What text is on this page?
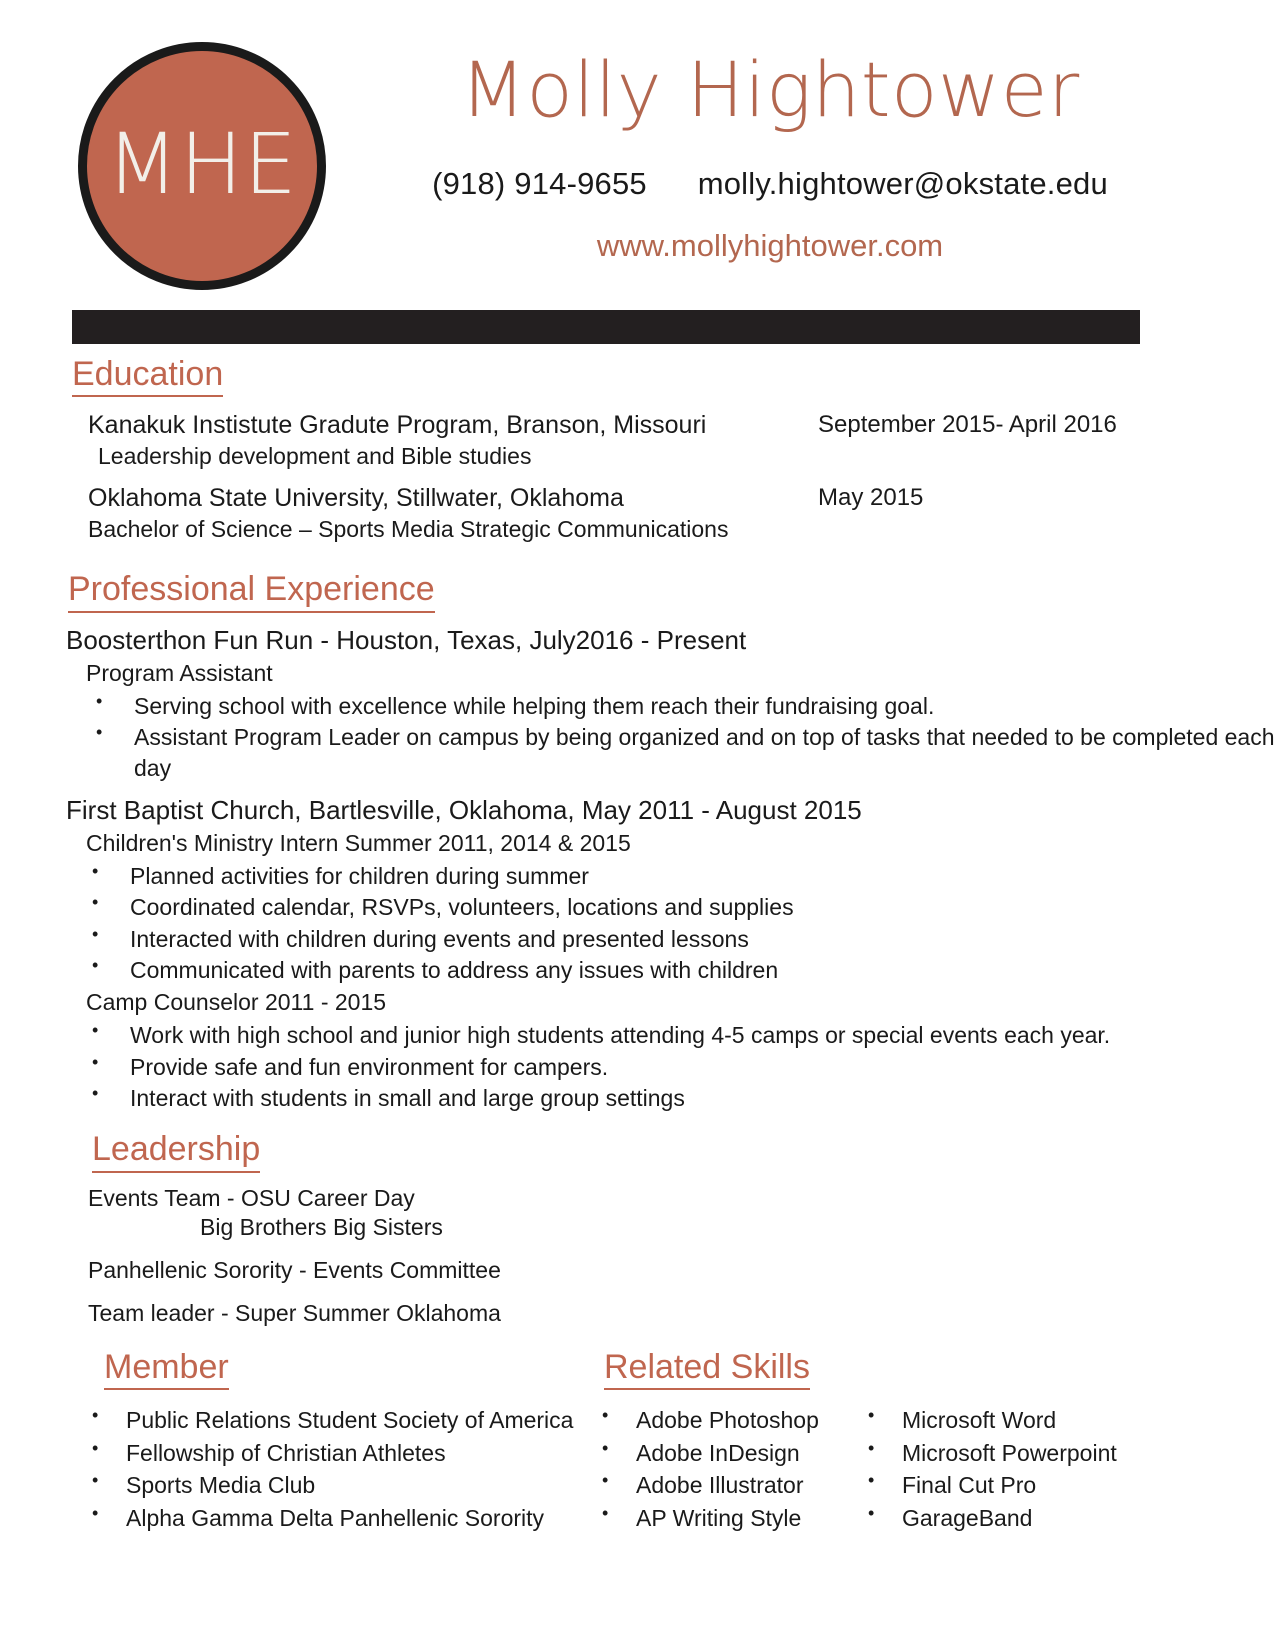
MHE
Molly Hightower
(918) 914-9655 molly.hightower@okstate.edu
www.mollyhightower.com
Education
Kanakuk Instistute Gradute Program, Branson, Missouri	September 2015- April 2016
Leadership development and Bible studies
Oklahoma State University, Stillwater, Oklahoma	May 2015
Bachelor of Science – Sports Media Strategic Communications
Professional Experience
Boosterthon Fun Run - Houston, Texas, July2016 - Present
Program Assistant
• Serving school with excellence while helping them reach their fundraising goal.
• Assistant Program Leader on campus by being organized and on top of tasks that needed to be completed each day
First Baptist Church, Bartlesville, Oklahoma, May 2011 - August 2015
Children's Ministry Intern Summer 2011, 2014 & 2015
• Planned activities for children during summer
• Coordinated calendar, RSVPs, volunteers, locations and supplies
• Interacted with children during events and presented lessons
• Communicated with parents to address any issues with children
Camp Counselor 2011 - 2015
• Work with high school and junior high students attending 4-5 camps or special events each year.
• Provide safe and fun environment for campers.
• Interact with students in small and large group settings
Leadership
Events Team - OSU Career Day
Big Brothers Big Sisters
Panhellenic Sorority - Events Committee
Team leader - Super Summer Oklahoma
Member
• Public Relations Student Society of America
• Fellowship of Christian Athletes
• Sports Media Club
• Alpha Gamma Delta Panhellenic Sorority
Related Skills
• Adobe Photoshop
• Adobe InDesign
• Adobe Illustrator
• AP Writing Style
• Microsoft Word
• Microsoft Powerpoint
• Final Cut Pro
• GarageBand
